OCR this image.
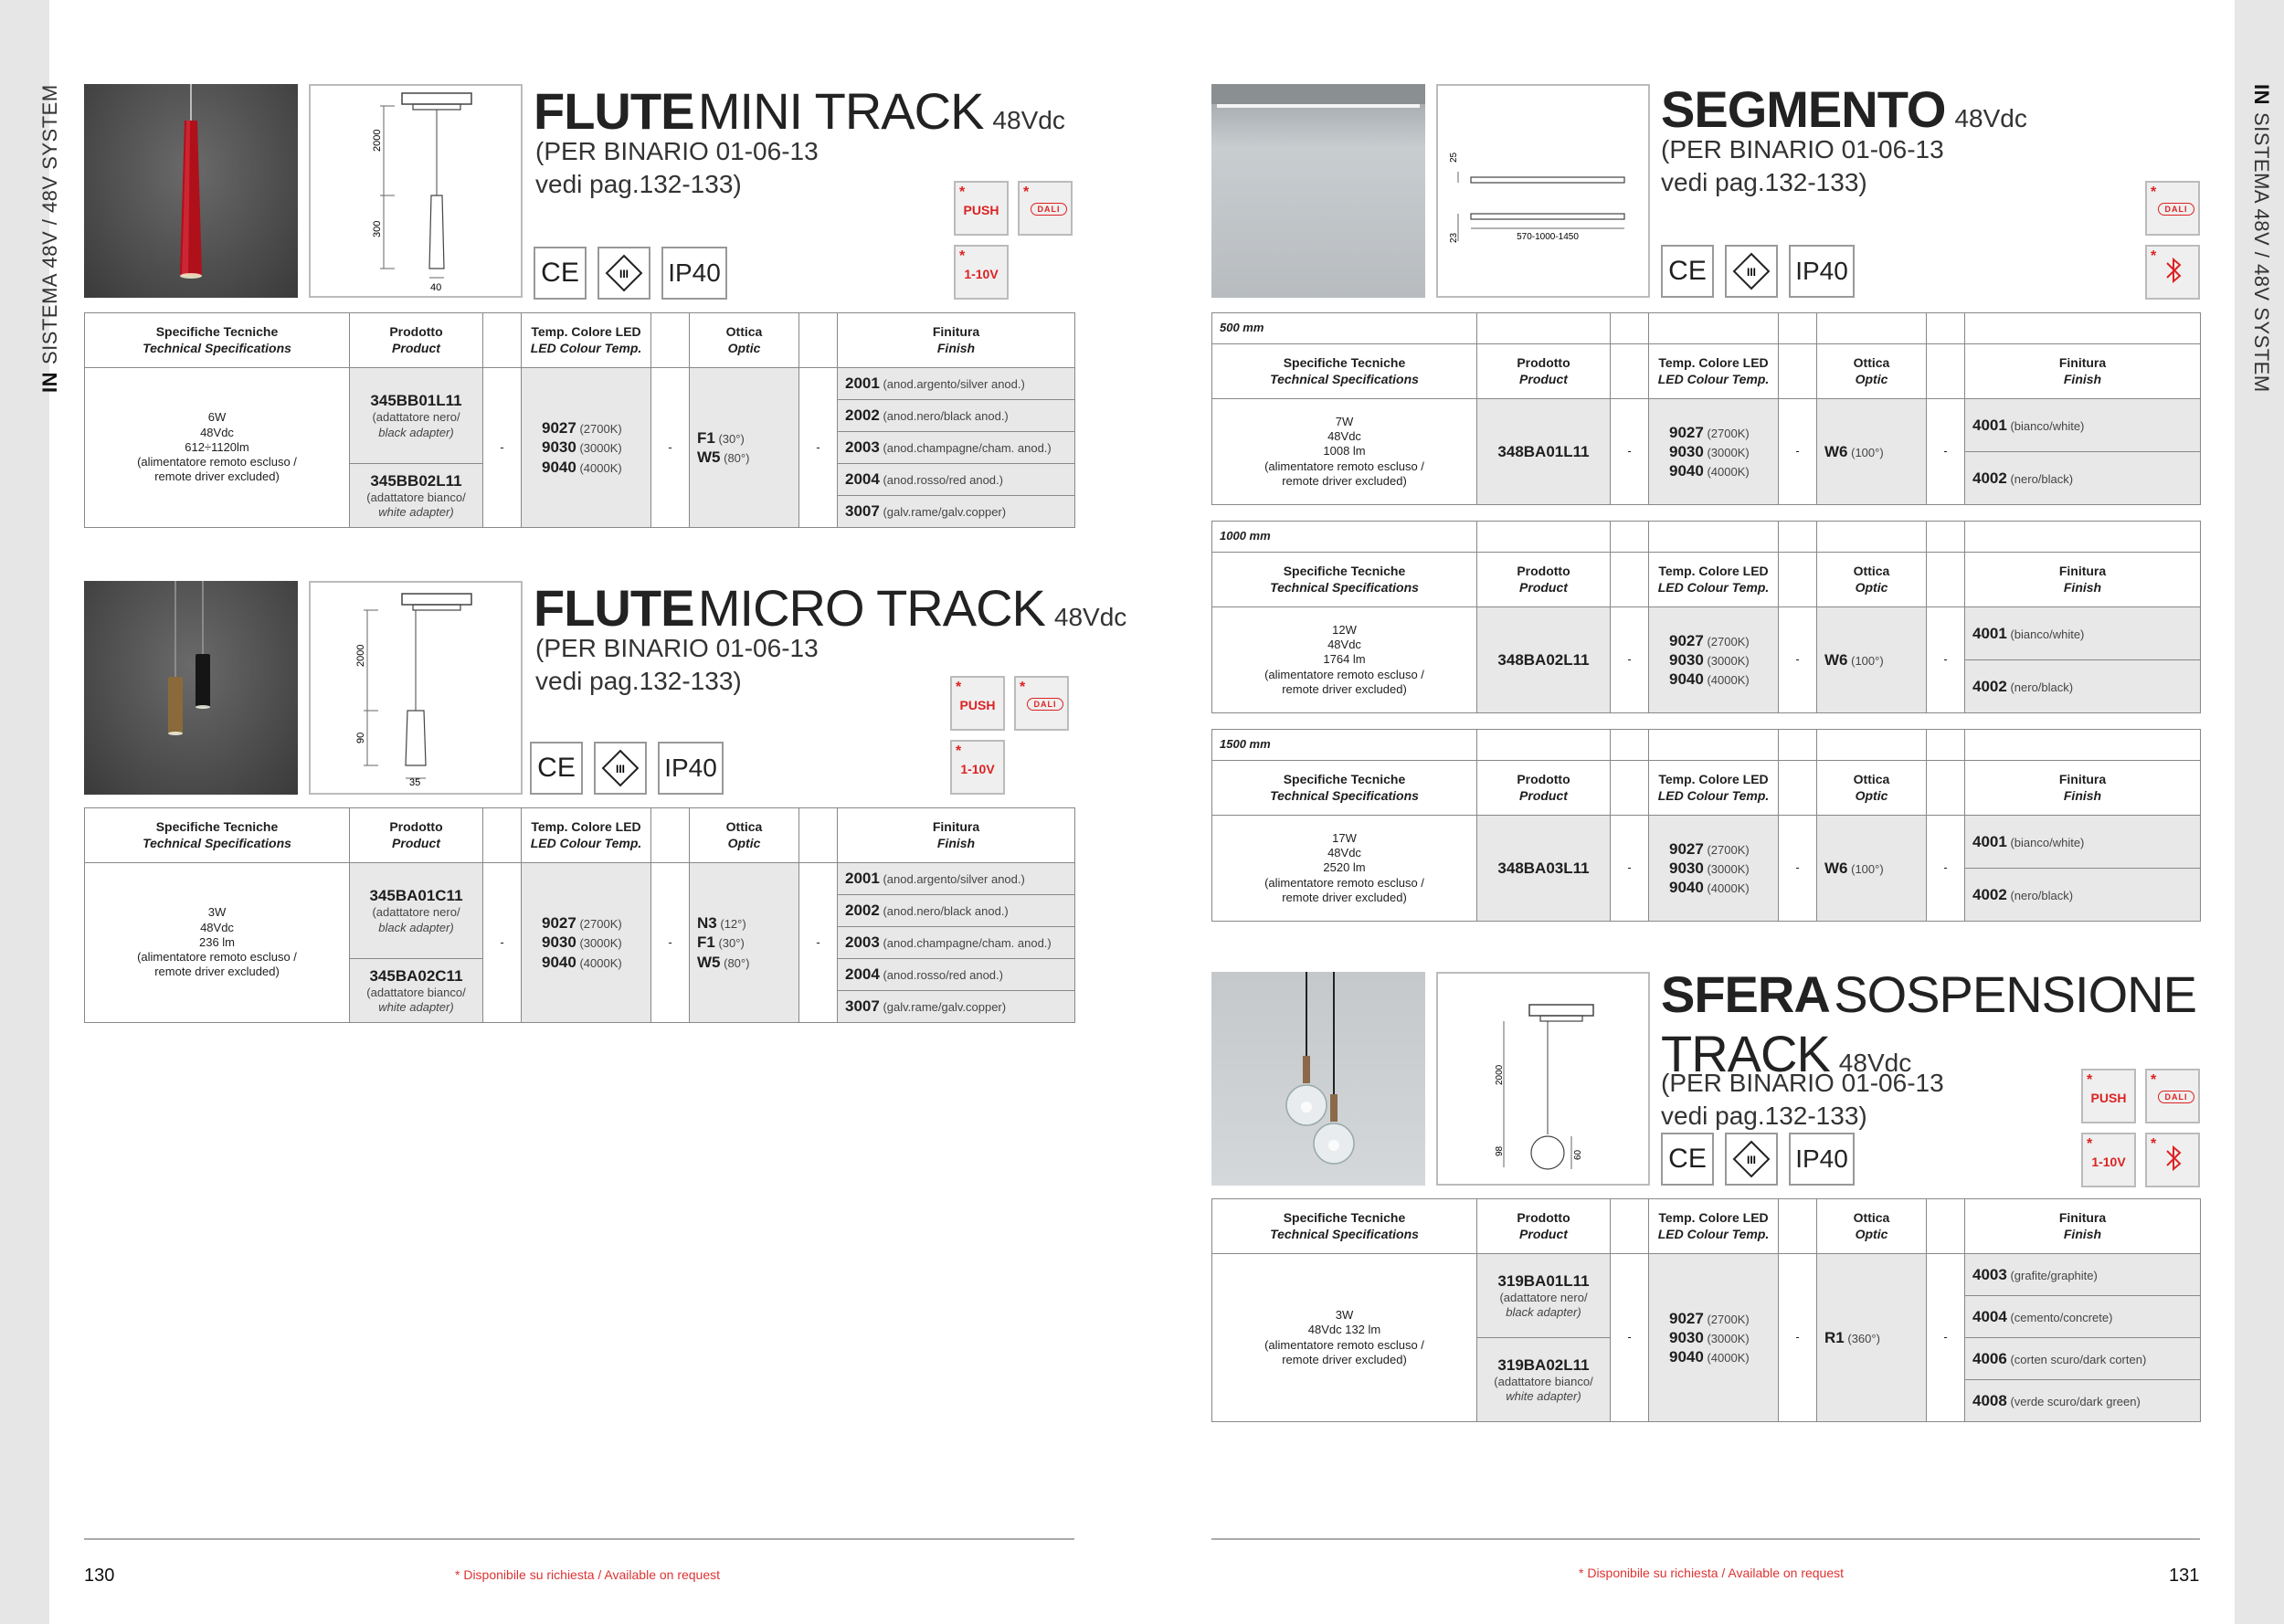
INSISTEMA 48V / 48V SYSTEM	INSISTEMA 48V / 48V SYSTEM
2000
300
40
FLUTE MINI TRACK 48Vdc
(PER BINARIO 01-06-13
vedi pag.132-133)
CE	III IP40
*
PUSH
*
DALI
*
1-10V
Specifiche Tecniche
Technical Specifications	Prodotto
Product		Temp. Colore LED
LED Colour Temp.		Ottica
Optic		Finitura
Finish

6W
48Vdc
612÷1120lm
(alimentatore remoto escluso /
remote driver excluded)	345BB01L11
(adattatore nero/
black adapter)	-	9027 (2700K)
9030 (3000K)
9040 (4000K)	-	F1 (30°)
W5 (80°)	-	2001 (anod.argento/silver anod.)
							2002 (anod.nero/black anod.)
							2003 (anod.champagne/cham. anod.)

	345BB02L11
(adattatore bianco/
white adapter)						2004 (anod.rosso/red anod.)
							3007 (galv.rame/galv.copper)
2000
90
35
FLUTE MICRO TRACK 48Vdc
(PER BINARIO 01-06-13
vedi pag.132-133)
CE	III IP40
*
PUSH
*
DALI
*
1-10V
Specifiche Tecniche
Technical Specifications	Prodotto
Product		Temp. Colore LED
LED Colour Temp.		Ottica
Optic		Finitura
Finish

3W
48Vdc
236 lm
(alimentatore remoto escluso /
remote driver excluded)	345BA01C11
(adattatore nero/
black adapter)	-	9027 (2700K)
9030 (3000K)
9040 (4000K)	-	N3 (12°)
F1 (30°)
W5 (80°)	-	2001 (anod.argento/silver anod.)
							2002 (anod.nero/black anod.)
							2003 (anod.champagne/cham. anod.)

	345BA02C11
(adattatore bianco/
white adapter)						2004 (anod.rosso/red anod.)
							3007 (galv.rame/galv.copper)
25
23	570-1000-1450
SEGMENTO 48Vdc
(PER BINARIO 01-06-13
vedi pag.132-133)
CE	III IP40
*
DALI
*
500 mm							

Specifiche Tecniche
Technical Specifications	Prodotto
Product		Temp. Colore LED
LED Colour Temp.		Ottica
Optic		Finitura
Finish

7W
48Vdc
1008 lm
(alimentatore remoto escluso /
remote driver excluded)	348BA01L11	-	9027 (2700K)
9030 (3000K)
9040 (4000K)	-	W6 (100°)	-	4001 (bianco/white)
							4002 (nero/black)
1000 mm							

Specifiche Tecniche
Technical Specifications	Prodotto
Product		Temp. Colore LED
LED Colour Temp.		Ottica
Optic		Finitura
Finish

12W
48Vdc
1764 lm
(alimentatore remoto escluso /
remote driver excluded)	348BA02L11	-	9027 (2700K)
9030 (3000K)
9040 (4000K)	-	W6 (100°)	-	4001 (bianco/white)
							4002 (nero/black)
1500 mm							

Specifiche Tecniche
Technical Specifications	Prodotto
Product		Temp. Colore LED
LED Colour Temp.		Ottica
Optic		Finitura
Finish

17W
48Vdc
2520 lm
(alimentatore remoto escluso /
remote driver excluded)	348BA03L11	-	9027 (2700K)
9030 (3000K)
9040 (4000K)	-	W6 (100°)	-	4001 (bianco/white)
							4002 (nero/black)
2000
98	60
SFERA SOSPENSIONE
TRACK 48Vdc
(PER BINARIO 01-06-13
vedi pag.132-133)
CE	III IP40
*
PUSH
*
DALI
*
1-10V
*
Specifiche Tecniche
Technical Specifications	Prodotto
Product		Temp. Colore LED
LED Colour Temp.		Ottica
Optic		Finitura
Finish

3W
48Vdc 132 lm
(alimentatore remoto escluso /
remote driver excluded)	319BA01L11
(adattatore nero/
black adapter)	-	9027 (2700K)
9030 (3000K)
9040 (4000K)	-	R1 (360°)	-	4003 (grafite/graphite)
							4004 (cemento/concrete)

	319BA02L11
(adattatore bianco/
white adapter)						4006 (corten scuro/dark corten)
							4008 (verde scuro/dark green)
130	* Disponibile su richiesta / Available on request	* Disponibile su richiesta / Available on request	131
